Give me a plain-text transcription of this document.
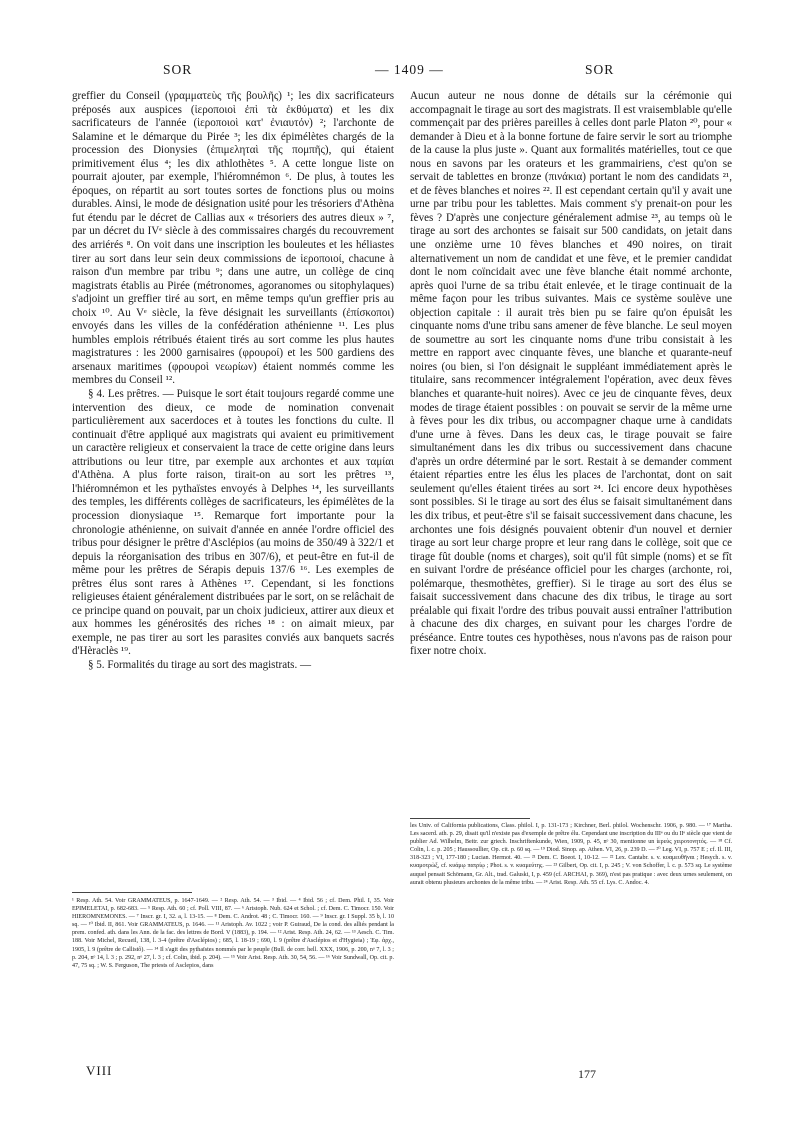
SOR	— 1409 —	SOR

greffier du Conseil (γραμματεὺς τῆς βουλῆς) ¹; les dix sacrificateurs préposés aux auspices (ἱεροποιοὶ ἐπὶ τὰ ἐκθύματα) et les dix sacrificateurs de l'année (ἱεροποιοὶ κατ' ἐνιαυτόν) ²; l'archonte de Salamine et le démarque du Pirée ³; les dix épimélètes chargés de la procession des Dionysies (ἐπιμεληταὶ τῆς πομπῆς), qui étaient primitivement élus ⁴; les dix athlothètes ⁵. A cette longue liste on pourrait ajouter, par exemple, l'hiéromnémon ⁶. De plus, à toutes les époques, on répartit au sort toutes sortes de fonctions plus ou moins durables. Ainsi, le mode de désignation usité pour les trésoriers d'Athèna fut étendu par le décret de Callias aux « trésoriers des autres dieux » ⁷, par un décret du IVᵉ siècle à des commissaires chargés du recouvrement des arriérés ⁸. On voit dans une inscription les bouleutes et les héliastes tirer au sort dans leur sein deux commissions de ἱεροποιοί, chacune à raison d'un membre par tribu ⁹; dans une autre, un collège de cinq magistrats établis au Pirée (métronomes, agoranomes ou sitophylaques) s'adjoint un greffier tiré au sort, en même temps qu'un greffier pris au choix ¹⁰. Au Vᵉ siècle, la fève désignait les surveillants (ἐπίσκοποι) envoyés dans les villes de la confédération athénienne ¹¹. Les plus humbles emplois rétribués étaient tirés au sort comme les plus hautes magistratures : les 2000 garnisaires (φρουροί) et les 500 gardiens des arsenaux maritimes (φρουροὶ νεωρίων) étaient nommés comme les membres du Conseil ¹².

§ 4. Les prêtres. — Puisque le sort était toujours regardé comme une intervention des dieux, ce mode de nomination convenait particulièrement aux sacerdoces et à toutes les fonctions du culte. Il continuait d'être appliqué aux magistrats qui avaient eu primitivement un caractère religieux et conservaient la trace de cette origine dans leurs attributions ou leur titre, par exemple aux archontes et aux ταμίαι d'Athèna. A plus forte raison, tirait-on au sort les prêtres ¹³, l'hiéromnémon et les pythaïstes envoyés à Delphes ¹⁴, les surveillants des temples, les différents collèges de sacrificateurs, les épimélètes de la procession dionysiaque ¹⁵. Remarque fort importante pour la chronologie athénienne, on suivait d'année en année l'ordre officiel des tribus pour désigner le prêtre d'Asclépios (au moins de 350/49 à 322/1 et depuis la réorganisation des tribus en 307/6), et peut-être en fut-il de même pour les prêtres de Sérapis depuis 137/6 ¹⁶. Les exemples de prêtres élus sont rares à Athènes ¹⁷. Cependant, si les fonctions religieuses étaient généralement distribuées par le sort, on se relâchait de ce principe quand on pouvait, par un choix judicieux, attirer aux dieux et aux hommes les générosités des riches ¹⁸ : on aimait mieux, par exemple, ne pas tirer au sort les parasites conviés aux banquets sacrés d'Hèraclès ¹⁹.

§ 5. Formalités du tirage au sort des magistrats. —

Aucun auteur ne nous donne de détails sur la cérémonie qui accompagnait le tirage au sort des magistrats. Il est vraisemblable qu'elle commençait par des prières pareilles à celles dont parle Platon ²⁰, pour « demander à Dieu et à la bonne fortune de faire servir le sort au triomphe de la cause la plus juste ». Quant aux formalités matérielles, tout ce que nous en savons par les orateurs et les grammairiens, c'est qu'on se servait de tablettes en bronze (πινάκια) portant le nom des candidats ²¹, et de fèves blanches et noires ²². Il est cependant certain qu'il y avait une urne par tribu pour les tablettes. Mais comment s'y prenait-on pour les fèves ? D'après une conjecture généralement admise ²³, au temps où le tirage au sort des archontes se faisait sur 500 candidats, on jetait dans une onzième urne 10 fèves blanches et 490 noires, on tirait alternativement un nom de candidat et une fève, et le premier candidat dont le nom coïncidait avec une fève blanche était nommé archonte, après quoi l'urne de sa tribu était enlevée, et le tirage continuait de la même façon pour les tribus suivantes. Mais ce système soulève une objection capitale : il aurait très bien pu se faire qu'on épuisât les cinquante noms d'une tribu sans amener de fève blanche. Le seul moyen de soumettre au sort les cinquante noms d'une tribu consistait à les mettre en rapport avec cinquante fèves, une blanche et quarante-neuf noires (ou bien, si l'on désignait le suppléant immédiatement après le titulaire, sans recommencer intégralement l'opération, avec deux fèves blanches et quarante-huit noires). Avec ce jeu de cinquante fèves, deux modes de tirage étaient possibles : on pouvait se servir de la même urne à fèves pour les dix tribus, ou accompagner chaque urne à candidats d'une urne à fèves. Dans les deux cas, le tirage pouvait se faire simultanément dans les dix tribus ou successivement dans chacune d'après un ordre déterminé par le sort. Restait à se demander comment étaient réparties entre les élus les places de l'archontat, dont on sait seulement qu'elles étaient tirées au sort ²⁴. Ici encore deux hypothèses sont possibles. Si le tirage au sort des élus se faisait simultanément dans les dix tribus, et peut-être s'il se faisait successivement dans chacune, les archontes une fois désignés pouvaient obtenir d'un nouvel et dernier tirage au sort leur charge propre et leur rang dans le collège, soit que ce tirage fût double (noms et charges), soit qu'il fût simple (noms) et se fît en suivant l'ordre de préséance officiel pour les charges (archonte, roi, polémarque, thesmothètes, greffier). Si le tirage au sort des élus se faisait successivement dans chacune des dix tribus, le tirage au sort préalable qui fixait l'ordre des tribus pouvait aussi entraîner l'attribution à chacune des dix charges, en suivant pour les charges l'ordre de préséance. Entre toutes ces hypothèses, nous n'avons pas de raison pour fixer notre choix.

¹ Resp. Ath. 54. Voir GRAMMATEUS, p. 1647-1649. — ² Resp. Ath. 54. — ³ Ibid. — ⁴ Ibid. 56 ; cf. Dem. Phil. I, 35. Voir EPIMELETAI, p. 682-683. — ⁵ Resp. Ath. 60 ; cf. Poll. VIII, 87. — ⁶ Aristoph. Nub. 624 et Schol. ; cf. Dem. C. Timocr. 150. Voir HIEROMNEMONES. — ⁷ Inscr. gr. I, 32. a, l. 13-15. — ⁸ Dem. C. Androt. 48 ; C. Timocr. 160. — ⁹ Inscr. gr. I Suppl. 35 b, l. 10 sq. — ¹⁰ Ibid. II, 861. Voir GRAMMATEUS, p. 1646. — ¹¹ Aristoph. Av. 1022 ; voir P. Guiraud, De la cond. des alliés pendant la prem. confed. ath. dans les Ann. de la fac. des lettres de Bord. V (1883), p. 194. — ¹² Arist. Resp. Ath. 24, 62. — ¹³ Aesch. C. Tim. 188. Voir Michel, Recueil, 138, l. 3-4 (prêtre d'Asclépios) ; 685, l. 18-19 ; 690, l. 9 (prêtre d'Asclépios et d'Hygieia) ; Ἐφ. ἀρχ., 1905, l. 9 (prêtre de Callistô). — ¹⁴ Il s'agit des pythaïstes nommés par le peuple (Bull. de corr. hell. XXX, 1906, p. 200, nᵒ 7, l. 3 ; p. 204, nᵒ 14, l. 3 ; p. 292, nᵒ 27, l. 3 ; cf. Colin, ibid. p. 204). — ¹⁵ Voir Arist. Resp. Ath. 30, 54, 56. — ¹⁶ Voir Sundwall, Op. cit. p. 47, 75 sq. ; W. S. Ferguson, The priests of Asclepios, dans
les Univ. of California publications, Class. philol. I, p. 131-173 ; Kirchner, Berl. philol. Wochenschr. 1906, p. 980. — ¹⁷ Martha. Les sacerd. ath. p. 29, disait qu'il n'existe pas d'exemple de prêtre élu. Cependant une inscription du IIIᵉ ou du IIᵉ siècle que vient de publier Ad. Wilhelm, Beitr. zur griech. Inschriftenkunde, Wien, 1909, p. 45, nᵒ 30, mentionne un ἱερεὺς χειροτονητός. — ¹⁸ Cf. Colin, l. c. p. 205 ; Haussoullier, Op. cit. p. 60 sq. — ¹⁹ Diod. Sinop. ap. Athen. VI, 26, p. 239 D. — ²⁰ Leg. VI, p. 757 E ; cf. Il. III, 318-323 ; VI, 177-180 ; Lucian. Hermot. 40. — ²¹ Dem. C. Boeot. I, 10-12. — ²² Lex. Cantabr. s. v. κυαμευθῆναι ; Hesych. s. v. κυαμοτρὼξ, cf. κυάμῳ πατρίῳ ; Phot. s. v. κυαμεύτης. — ²³ Gilbert, Op. cit. I, p. 245 ; V. von Schoffer, l. c. p. 573 sq. Le système auquel pensait Schömann, Gr. Alt., trad. Galuski, I, p. 459 (cf. ARCHAI, p. 369), n'est pas pratique : avec deux urnes seulement, on aurait obtenu plusieurs archontes de la même tribu. — ²⁴ Arist. Resp. Ath. 55 cf. Lys. C. Andoc. 4.
VIII	177
